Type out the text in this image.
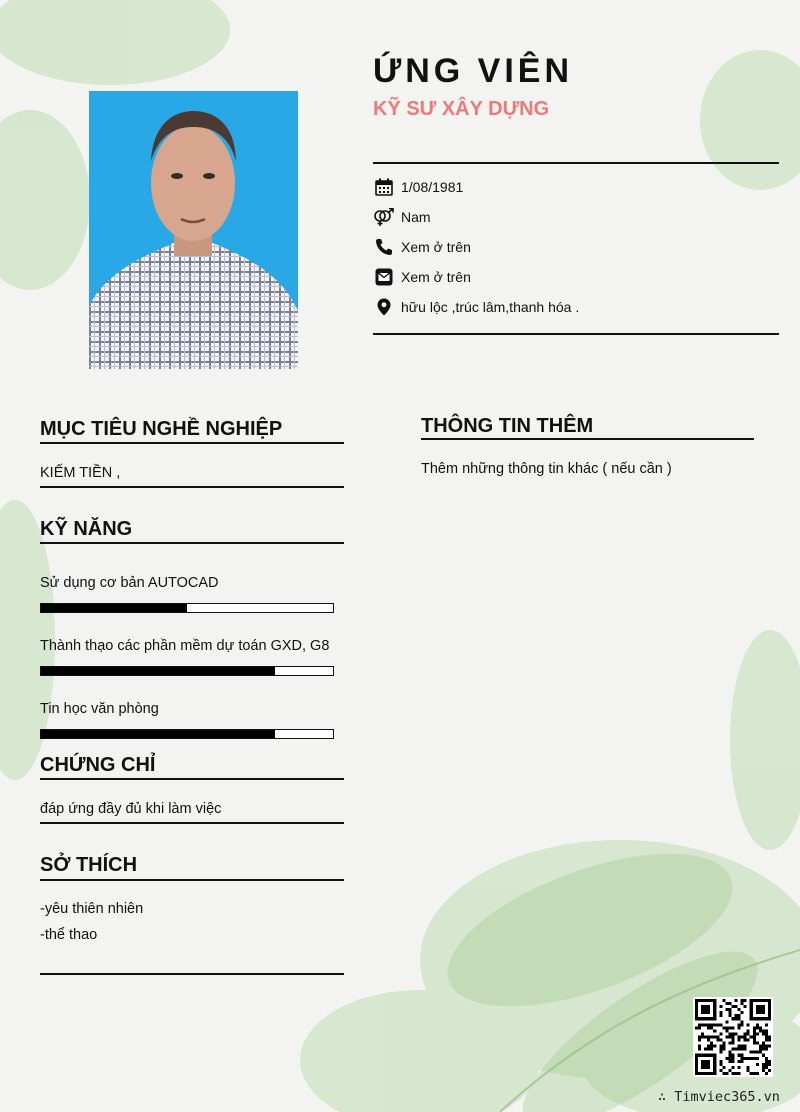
ỨNG VIÊN
KỸ SƯ XÂY DỰNG
1/08/1981
Nam
Xem ở trên
Xem ở trên
hữu lộc ,trúc lâm,thanh hóa .
MỤC TIÊU NGHỀ NGHIỆP
KIẾM TIỀN ,
KỸ NĂNG
Sử dụng cơ bản AUTOCAD
Thành thạo các phần mềm dự toán GXD, G8
Tin học văn phòng
CHỨNG CHỈ
đáp ứng đầy đủ khi làm việc
SỞ THÍCH
-yêu thiên nhiên
-thể thao
THÔNG TIN THÊM
Thêm những thông tin khác ( nếu cần )
∴ Timviec365.vn
